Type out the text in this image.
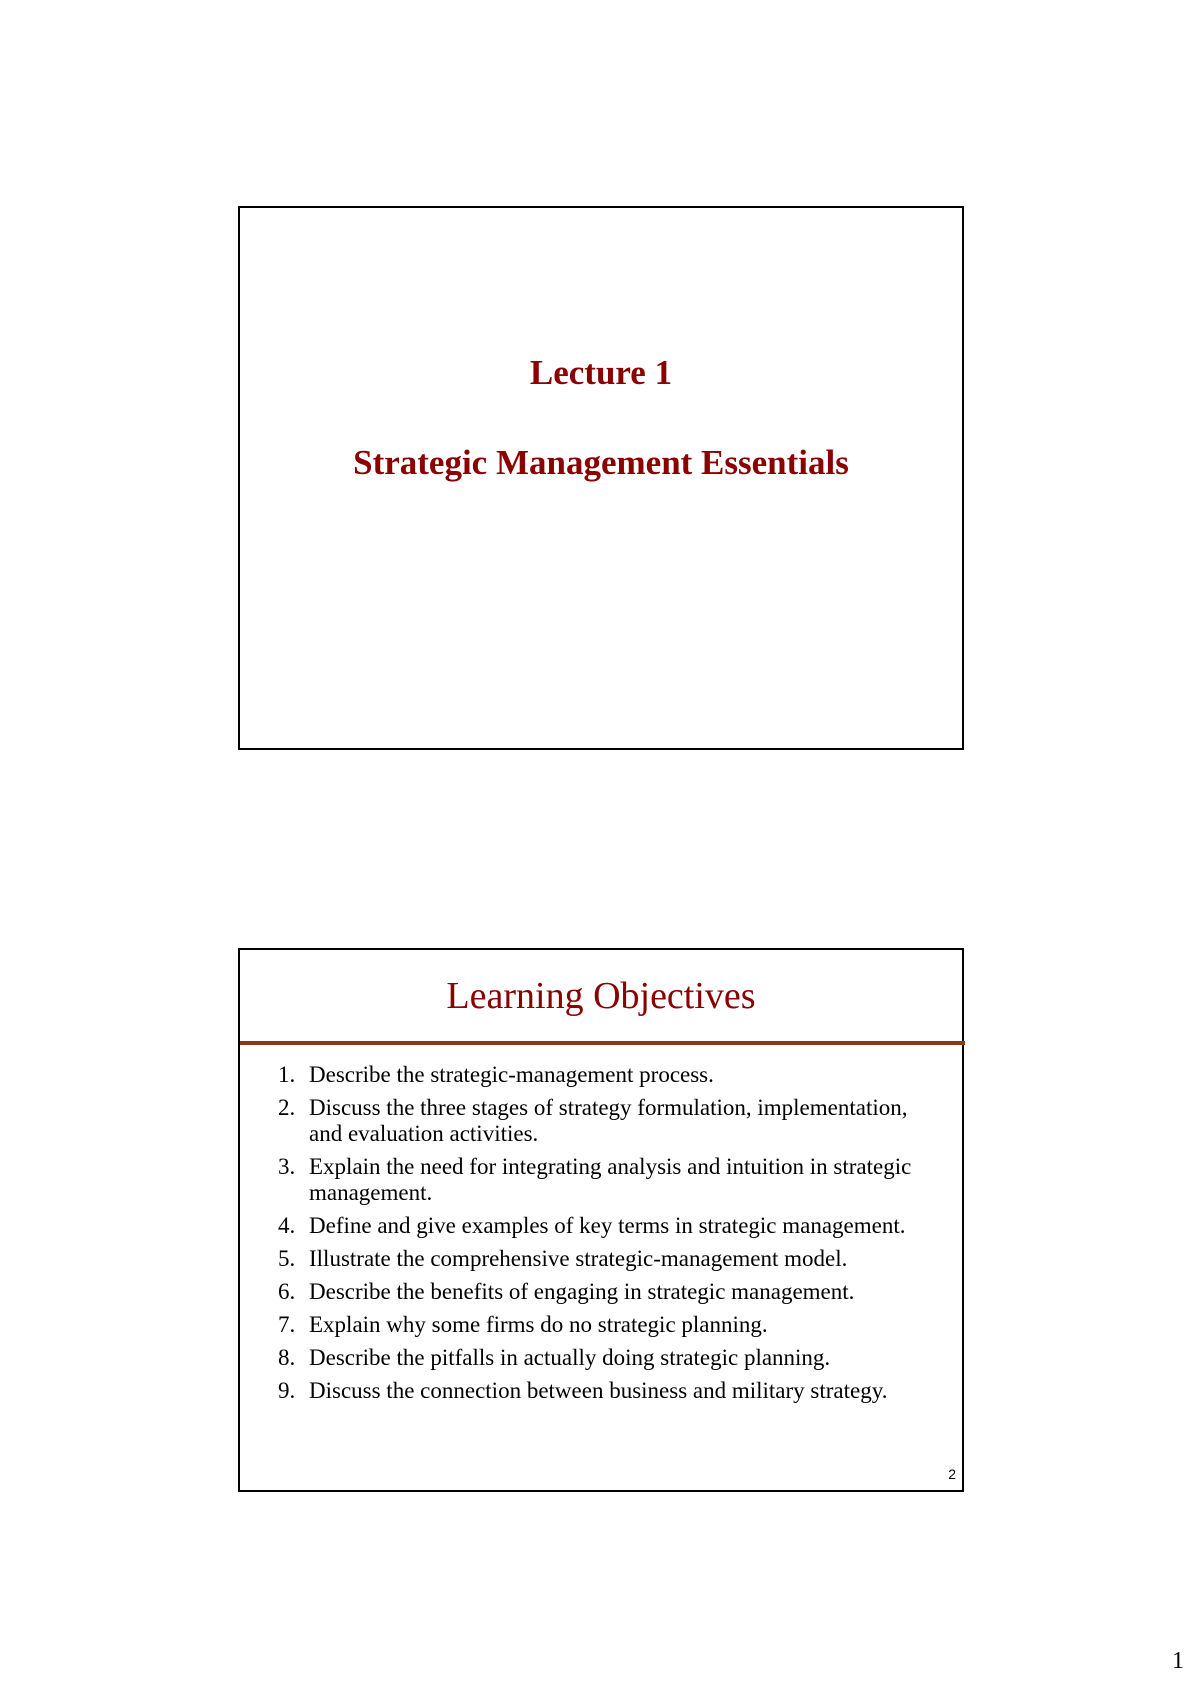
Lecture 1

Strategic Management Essentials

Learning Objectives
1. Describe the strategic-management process.
2. Discuss the three stages of strategy formulation, implementation, and evaluation activities.
3. Explain the need for integrating analysis and intuition in strategic management.
4. Define and give examples of key terms in strategic management.
5. Illustrate the comprehensive strategic-management model.
6. Describe the benefits of engaging in strategic management.
7. Explain why some firms do no strategic planning.
8. Describe the pitfalls in actually doing strategic planning.
9. Discuss the connection between business and military strategy.
2
1
